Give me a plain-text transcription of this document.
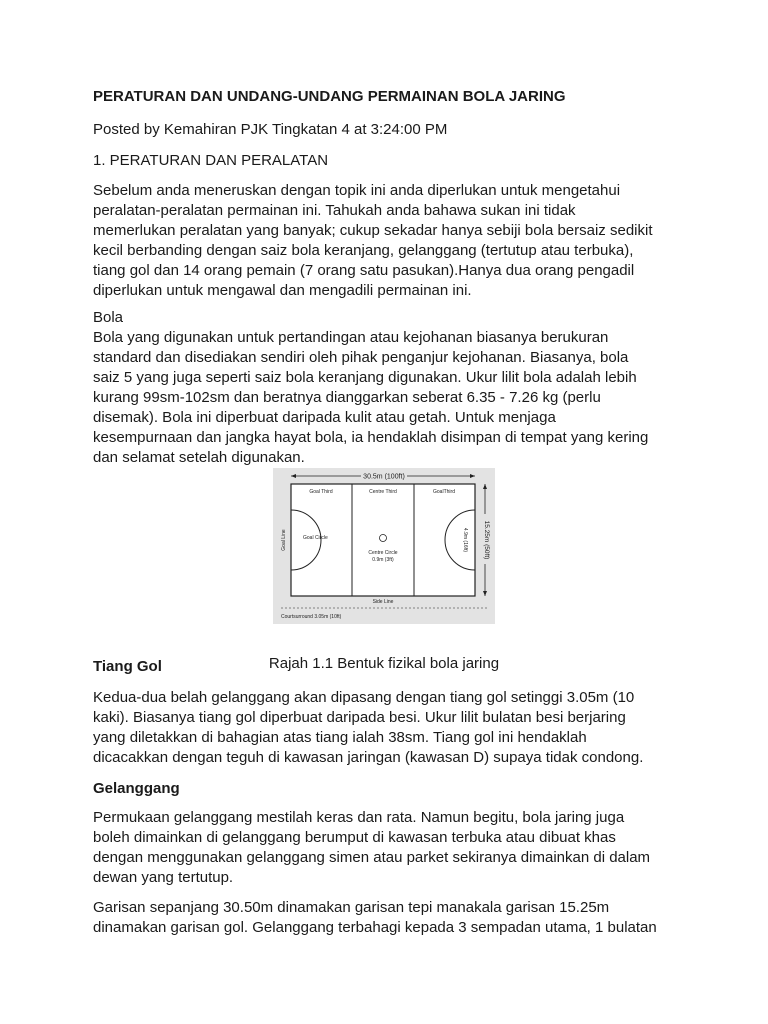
PERATURAN DAN UNDANG-UNDANG PERMAINAN BOLA JARING

Posted by Kemahiran PJK Tingkatan 4 at 3:24:00 PM

1. PERATURAN DAN PERALATAN

Sebelum anda meneruskan dengan topik ini anda diperlukan untuk mengetahui
peralatan-peralatan permainan ini. Tahukah anda bahawa sukan ini tidak
memerlukan peralatan yang banyak; cukup sekadar hanya sebiji bola bersaiz sedikit
kecil berbanding dengan saiz bola keranjang, gelanggang (tertutup atau terbuka),
tiang gol dan 14 orang pemain (7 orang satu pasukan).Hanya dua orang pengadil
diperlukan untuk mengawal dan mengadili permainan ini.
Bola
Bola yang digunakan untuk pertandingan atau kejohanan biasanya berukuran
standard dan disediakan sendiri oleh pihak penganjur kejohanan. Biasanya, bola
saiz 5 yang juga seperti saiz bola keranjang digunakan. Ukur lilit bola adalah lebih
kurang 99sm-102sm dan beratnya dianggarkan seberat 6.35 - 7.26 kg (perlu
disemak). Bola ini diperbuat daripada kulit atau getah. Untuk menjaga
kesempurnaan dan jangka hayat bola, ia hendaklah disimpan di tempat yang kering
dan selamat setelah digunakan.
30.5m (100ft)
Goal Third	Centre Third	GoalThird
Goal Circle
Goal Line	4.9m (16ft)
Centre Circle
0.9m (3ft)
15.25m (50ft)
Side Line
Courtsurround 3.05m (10ft)

Rajah 1.1 Bentuk fizikal bola jaring

Tiang Gol

Kedua-dua belah gelanggang akan dipasang dengan tiang gol setinggi 3.05m (10
kaki). Biasanya tiang gol diperbuat daripada besi. Ukur lilit bulatan besi berjaring
yang diletakkan di bahagian atas tiang ialah 38sm. Tiang gol ini hendaklah
dicacakkan dengan teguh di kawasan jaringan (kawasan D) supaya tidak condong.

Gelanggang

Permukaan gelanggang mestilah keras dan rata. Namun begitu, bola jaring juga
boleh dimainkan di gelanggang berumput di kawasan terbuka atau dibuat khas
dengan menggunakan gelanggang simen atau parket sekiranya dimainkan di dalam
dewan yang tertutup.
Garisan sepanjang 30.50m dinamakan garisan tepi manakala garisan 15.25m
dinamakan garisan gol. Gelanggang terbahagi kepada 3 sempadan utama, 1 bulatan
